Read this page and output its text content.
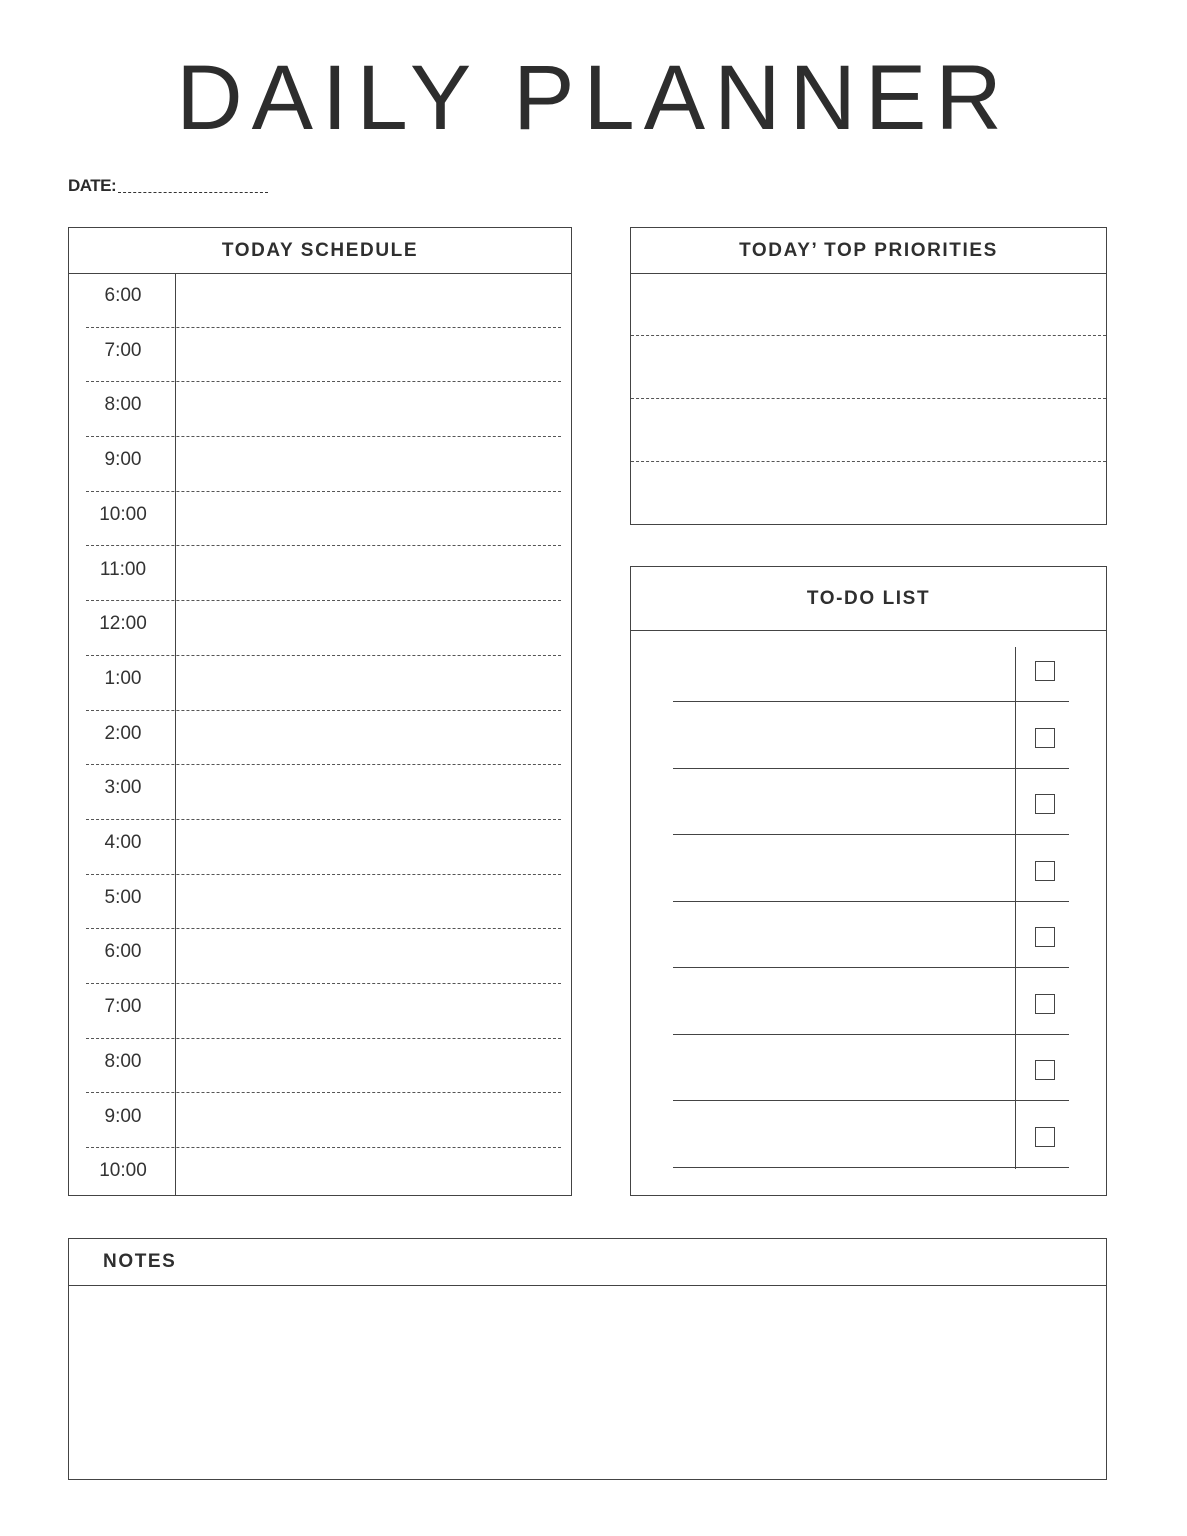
DAILY PLANNER
DATE:
TODAY SCHEDULE
6:00
7:00
8:00
9:00
10:00
11:00
12:00
1:00
2:00
3:00
4:00
5:00
6:00
7:00
8:00
9:00
10:00
TODAY’ TOP PRIORITIES
TO-DO LIST
NOTES
